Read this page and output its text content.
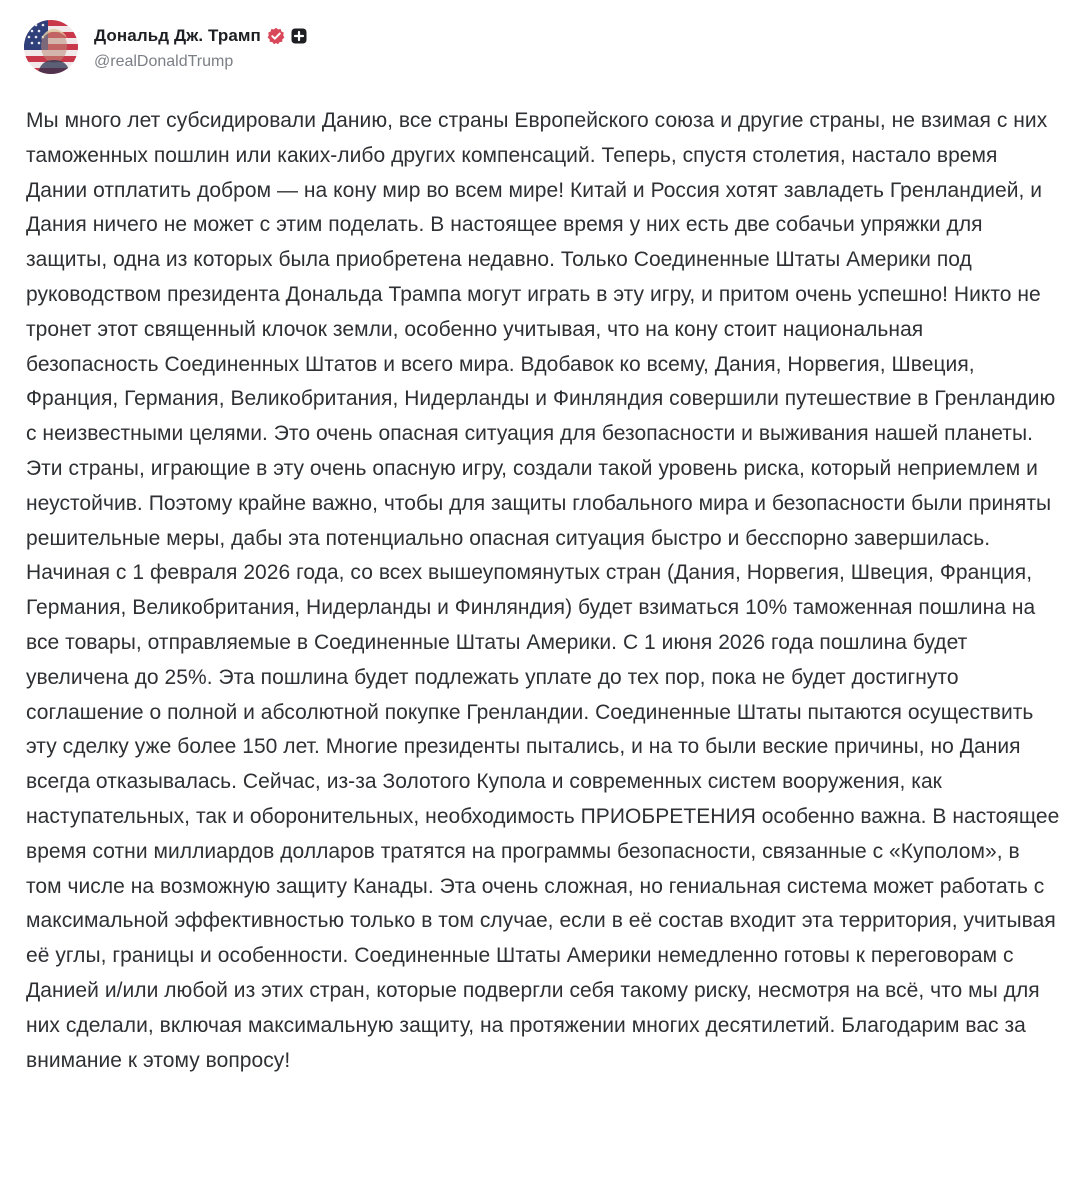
Дональд Дж. Трамп
@realDonaldTrump

Мы много лет субсидировали Данию, все страны Европейского союза и другие страны, не взимая с них таможенных пошлин или каких-либо других компенсаций. Теперь, спустя столетия, настало время Дании отплатить добром — на кону мир во всем мире! Китай и Россия хотят завладеть Гренландией, и Дания ничего не может с этим поделать. В настоящее время у них есть две собачьи упряжки для защиты, одна из которых была приобретена недавно. Только Соединенные Штаты Америки под руководством президента Дональда Трампа могут играть в эту игру, и притом очень успешно! Никто не тронет этот священный клочок земли, особенно учитывая, что на кону стоит национальная безопасность Соединенных Штатов и всего мира. Вдобавок ко всему, Дания, Норвегия, Швеция, Франция, Германия, Великобритания, Нидерланды и Финляндия совершили путешествие в Гренландию с неизвестными целями. Это очень опасная ситуация для безопасности и выживания нашей планеты. Эти страны, играющие в эту очень опасную игру, создали такой уровень риска, который неприемлем и неустойчив. Поэтому крайне важно, чтобы для защиты глобального мира и безопасности были приняты решительные меры, дабы эта потенциально опасная ситуация быстро и бесспорно завершилась. Начиная с 1 февраля 2026 года, со всех вышеупомянутых стран (Дания, Норвегия, Швеция, Франция, Германия, Великобритания, Нидерланды и Финляндия) будет взиматься 10% таможенная пошлина на все товары, отправляемые в Соединенные Штаты Америки. С 1 июня 2026 года пошлина будет увеличена до 25%. Эта пошлина будет подлежать уплате до тех пор, пока не будет достигнуто соглашение о полной и абсолютной покупке Гренландии. Соединенные Штаты пытаются осуществить эту сделку уже более 150 лет. Многие президенты пытались, и на то были веские причины, но Дания всегда отказывалась. Сейчас, из-за Золотого Купола и современных систем вооружения, как наступательных, так и оборонительных, необходимость ПРИОБРЕТЕНИЯ особенно важна. В настоящее время сотни миллиардов долларов тратятся на программы безопасности, связанные с «Куполом», в том числе на возможную защиту Канады. Эта очень сложная, но гениальная система может работать с максимальной эффективностью только в том случае, если в её состав входит эта территория, учитывая её углы, границы и особенности. Соединенные Штаты Америки немедленно готовы к переговорам с Данией и/или любой из этих стран, которые подвергли себя такому риску, несмотря на всё, что мы для них сделали, включая максимальную защиту, на протяжении многих десятилетий. Благодарим вас за внимание к этому вопросу!
